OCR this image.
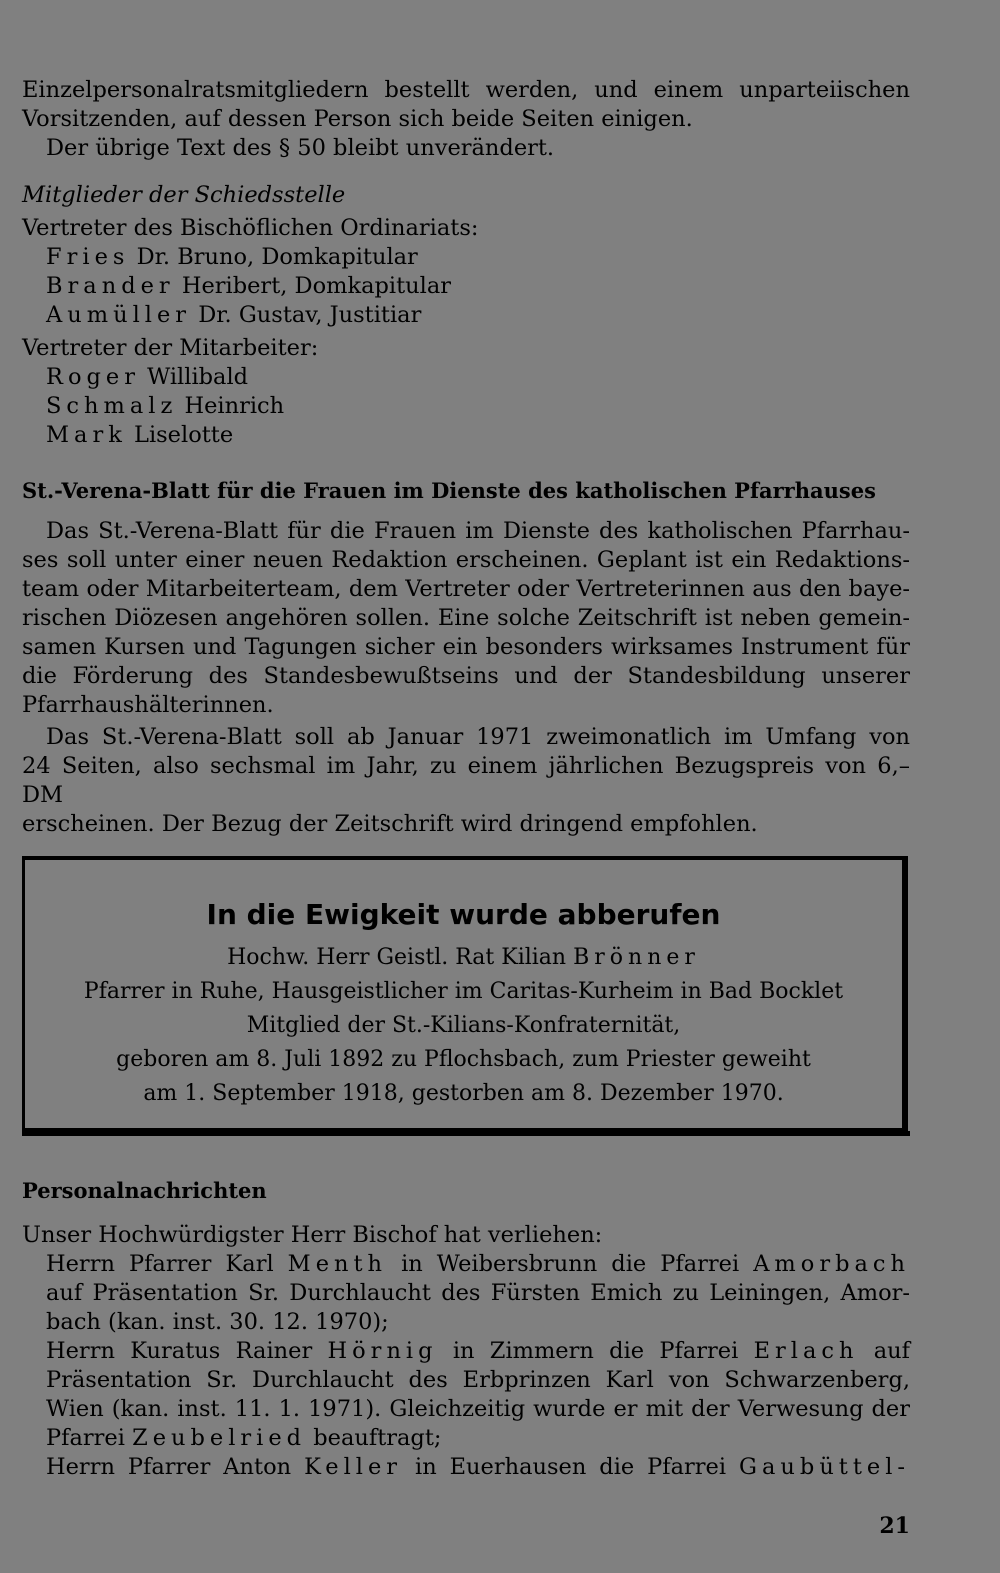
Einzelpersonalratsmitgliedern bestellt werden, und einem unparteiischen

Vorsitzenden, auf dessen Person sich beide Seiten einigen.

Der übrige Text des § 50 bleibt unverändert.

Mitglieder der Schiedsstelle

Vertreter des Bischöflichen Ordinariats:

Fries Dr. Bruno, Domkapitular

Brander Heribert, Domkapitular

Aumüller Dr. Gustav, Justitiar

Vertreter der Mitarbeiter:

Roger Willibald

Schmalz Heinrich

Mark Liselotte

St.-Verena-Blatt für die Frauen im Dienste des katholischen Pfarrhauses

Das St.-Verena-Blatt für die Frauen im Dienste des katholischen Pfarrhau-

ses soll unter einer neuen Redaktion erscheinen. Geplant ist ein Redaktions-

team oder Mitarbeiterteam, dem Vertreter oder Vertreterinnen aus den baye-

rischen Diözesen angehören sollen. Eine solche Zeitschrift ist neben gemein-

samen Kursen und Tagungen sicher ein besonders wirksames Instrument für

die Förderung des Standesbewußtseins und der Standesbildung unserer

Pfarrhaushälterinnen.

Das St.-Verena-Blatt soll ab Januar 1971 zweimonatlich im Umfang von

24 Seiten, also sechsmal im Jahr, zu einem jährlichen Bezugspreis von 6,– DM

erscheinen. Der Bezug der Zeitschrift wird dringend empfohlen.

In die Ewigkeit wurde abberufen

Hochw. Herr Geistl. Rat Kilian Brönner

Pfarrer in Ruhe, Hausgeistlicher im Caritas-Kurheim in Bad Bocklet

Mitglied der St.-Kilians-Konfraternität,

geboren am 8. Juli 1892 zu Pflochsbach, zum Priester geweiht

am 1. September 1918, gestorben am 8. Dezember 1970.

Personalnachrichten

Unser Hochwürdigster Herr Bischof hat verliehen:

Herrn Pfarrer Karl Menth in Weibersbrunn die Pfarrei Amorbach

auf Präsentation Sr. Durchlaucht des Fürsten Emich zu Leiningen, Amor-

bach (kan. inst. 30. 12. 1970);

Herrn Kuratus Rainer Hörnig in Zimmern die Pfarrei Erlach auf

Präsentation Sr. Durchlaucht des Erbprinzen Karl von Schwarzenberg,

Wien (kan. inst. 11. 1. 1971). Gleichzeitig wurde er mit der Verwesung der

Pfarrei Zeubelried beauftragt;

Herrn Pfarrer Anton Keller in Euerhausen die Pfarrei Gaubüttel-

21
